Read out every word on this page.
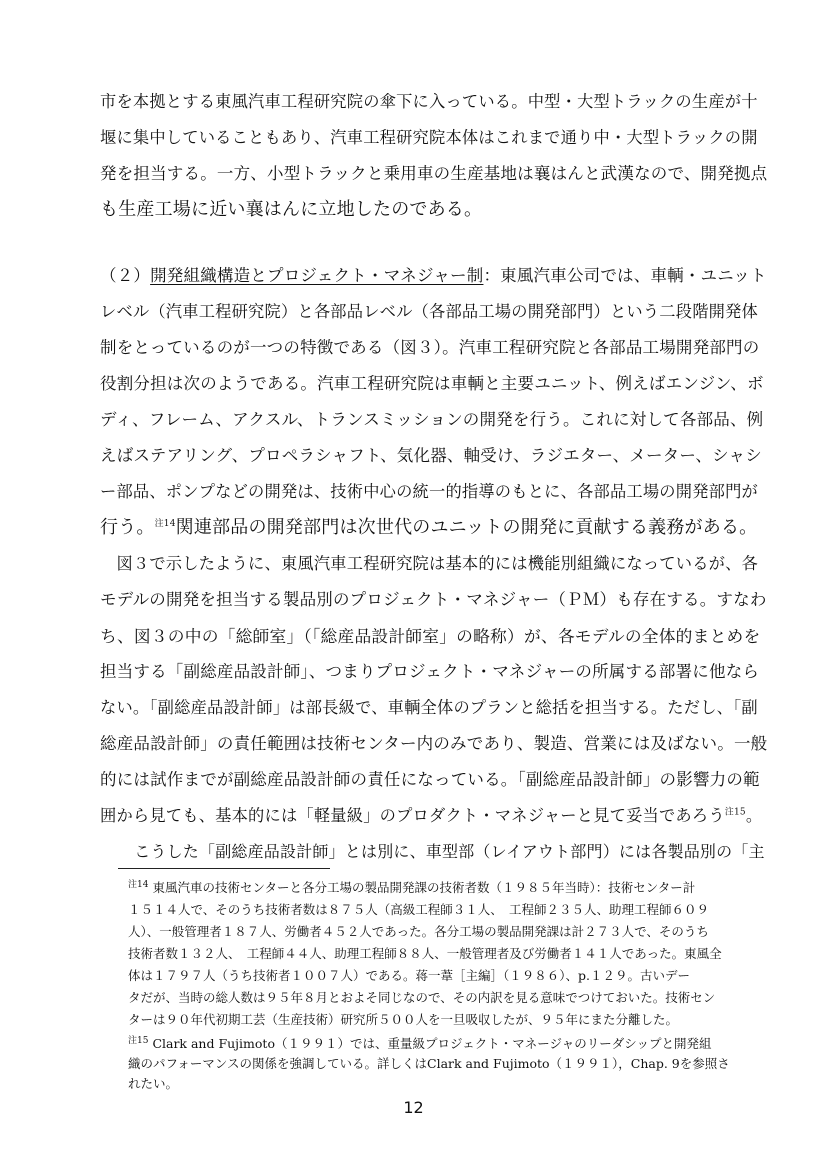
市を本拠とする東風汽車工程研究院の傘下に入っている。中型・大型トラックの生産が十
堰に集中していることもあり、汽車工程研究院本体はこれまで通り中・大型トラックの開
発を担当する。一方、小型トラックと乗用車の生産基地は襄はんと武漢なので、開発拠点
も生産工場に近い襄はんに立地したのである。
（２）開発組織構造とプロジェクト・マネジャー制：東風汽車公司では、車輌・ユニット
レベル（汽車工程研究院）と各部品レベル（各部品工場の開発部門）という二段階開発体
制をとっているのが一つの特徴である（図３）。汽車工程研究院と各部品工場開発部門の
役割分担は次のようである。汽車工程研究院は車輌と主要ユニット、例えばエンジン、ボ
ディ、フレーム、アクスル、トランスミッションの開発を行う。これに対して各部品、例
えばステアリング、プロペラシャフト、気化器、軸受け、ラジエター、メーター、シャシ
ー部品、ポンプなどの開発は、技術中心の統一的指導のもとに、各部品工場の開発部門が
行う。$^{注14}$関連部品の開発部門は次世代のユニットの開発に貢献する義務がある。
　図３で示したように、東風汽車工程研究院は基本的には機能別組織になっているが、各
モデルの開発を担当する製品別のプロジェクト・マネジャー（ＰＭ）も存在する。すなわ
ち、図３の中の「総師室」（「総産品設計師室」の略称）が、各モデルの全体的まとめを
担当する「副総産品設計師」、つまりプロジェクト・マネジャーの所属する部署に他なら
ない。「副総産品設計師」は部長級で、車輌全体のプランと総括を担当する。ただし、「副
総産品設計師」の責任範囲は技術センター内のみであり、製造、営業には及ばない。一般
的には試作までが副総産品設計師の責任になっている。「副総産品設計師」の影響力の範
囲から見ても、基本的には「軽量級」のプロダクト・マネジャーと見て妥当であろう$^{注15}$。
　こうした「副総産品設計師」とは別に、車型部（レイアウト部門）には各製品別の「主
$^{注14}$ 東風汽車の技術センターと各分工場の製品開発課の技術者数（１９８５年当時）：技術センター計
１５１４人で、そのうち技術者数は８７５人（高級工程師３１人、　工程師２３５人、助理工程師６０９
人）、一般管理者１８７人、労働者４５２人であった。各分工場の製品開発課は計２７３人で、そのうち
技術者数１３２人、　工程師４４人、助理工程師８８人、一般管理者及び労働者１４１人であった。東風全
体は１７９７人（うち技術者１００７人）である。蒋一葦［主編］（１９８６）、p.１２９。古いデー
タだが、当時の総人数は９５年８月とおよそ同じなので、その内訳を見る意味でつけておいた。技術セン
ターは９０年代初期工芸（生産技術）研究所５００人を一旦吸収したが、９５年にまた分離した。
$^{注15}$ Clark and Fujimoto（１９９１）では、重量級プロジェクト・マネージャのリーダシップと開発組
織のパフォーマンスの関係を強調している。詳しくはClark and Fujimoto（１９９１），Chap. 9を参照さ
れたい。
12
